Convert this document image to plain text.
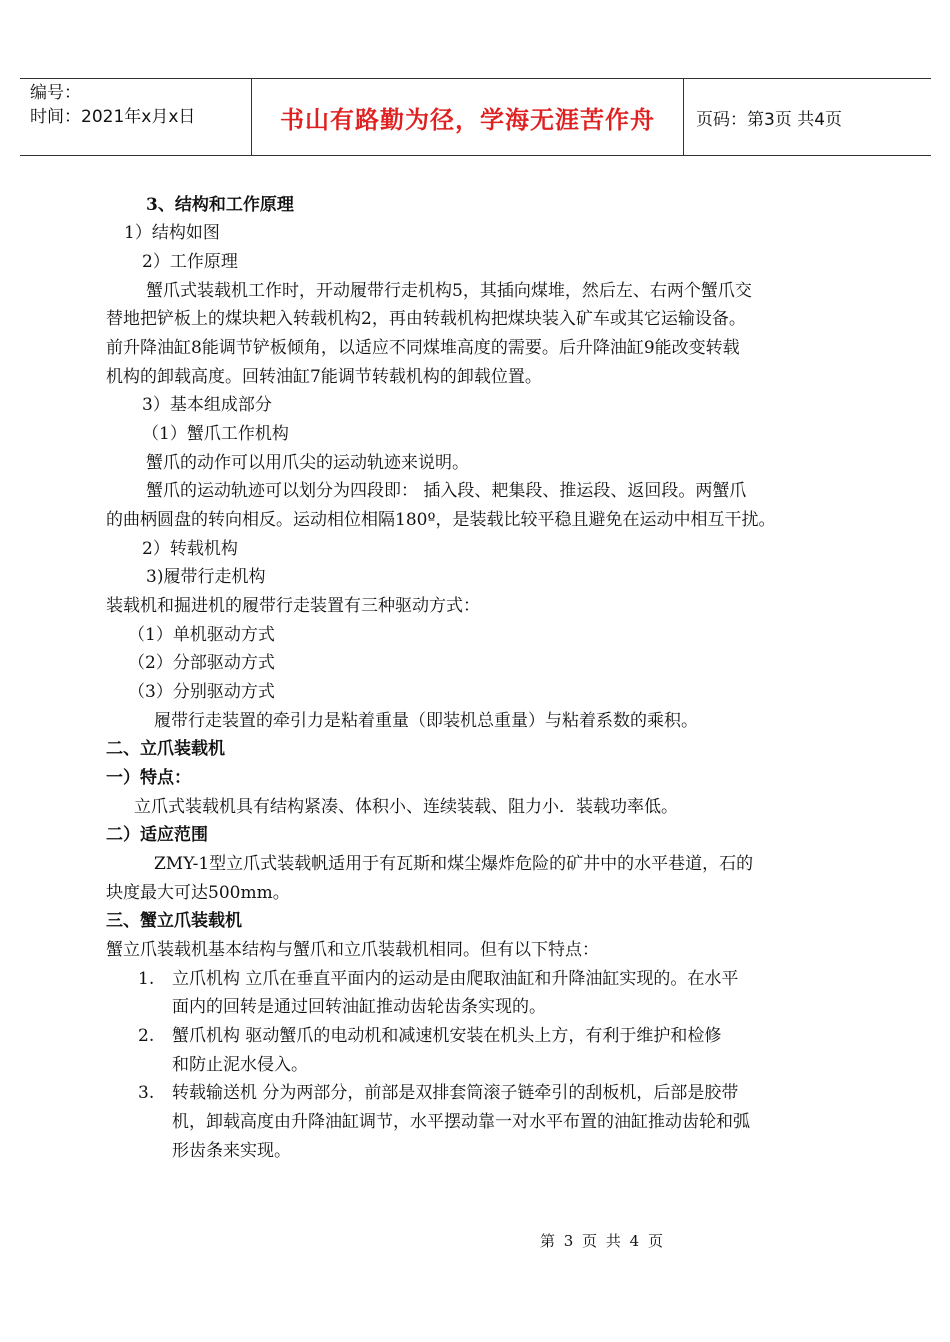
编号：
时间：2021年x月x日	书山有路勤为径，学海无涯苦作舟	页码：第3页 共4页
3、结构和工作原理
1）结构如图
2）工作原理
蟹爪式装载机工作时，开动履带行走机构5，其插向煤堆，然后左、右两个蟹爪交
替地把铲板上的煤块耙入转载机构2，再由转载机构把煤块装入矿车或其它运输设备。
前升降油缸8能调节铲板倾角，以适应不同煤堆高度的需要。后升降油缸9能改变转载
机构的卸载高度。回转油缸7能调节转载机构的卸载位置。
3）基本组成部分
（1）蟹爪工作机构
蟹爪的动作可以用爪尖的运动轨迹来说明。
蟹爪的运动轨迹可以划分为四段即： 插入段、耙集段、推运段、返回段。两蟹爪
的曲柄圆盘的转向相反。运动相位相隔180º，是装载比较平稳且避免在运动中相互干扰。
2）转载机构
3)履带行走机构
装载机和掘进机的履带行走装置有三种驱动方式：
（1）单机驱动方式
（2）分部驱动方式
（3）分别驱动方式
履带行走装置的牵引力是粘着重量（即装机总重量）与粘着系数的乘积。
二、立爪装载机
一）特点：
立爪式装载机具有结构紧凑、体积小、连续装载、阻力小．装载功率低。
二）适应范围
ZMY-1型立爪式装载帆适用于有瓦斯和煤尘爆炸危险的矿井中的水平巷道，石的
块度最大可达500mm。
三、蟹立爪装载机
蟹立爪装载机基本结构与蟹爪和立爪装载机相同。但有以下特点：
1. 立爪机构 立爪在垂直平面内的运动是由爬取油缸和升降油缸实现的。在水平
面内的回转是通过回转油缸推动齿轮齿条实现的。
2. 蟹爪机构 驱动蟹爪的电动机和减速机安装在机头上方，有利于维护和检修
和防止泥水侵入。
3. 转载输送机 分为两部分，前部是双排套筒滚子链牵引的刮板机，后部是胶带
机，卸载高度由升降油缸调节，水平摆动靠一对水平布置的油缸推动齿轮和弧
形齿条来实现。
第 3 页 共 4 页
